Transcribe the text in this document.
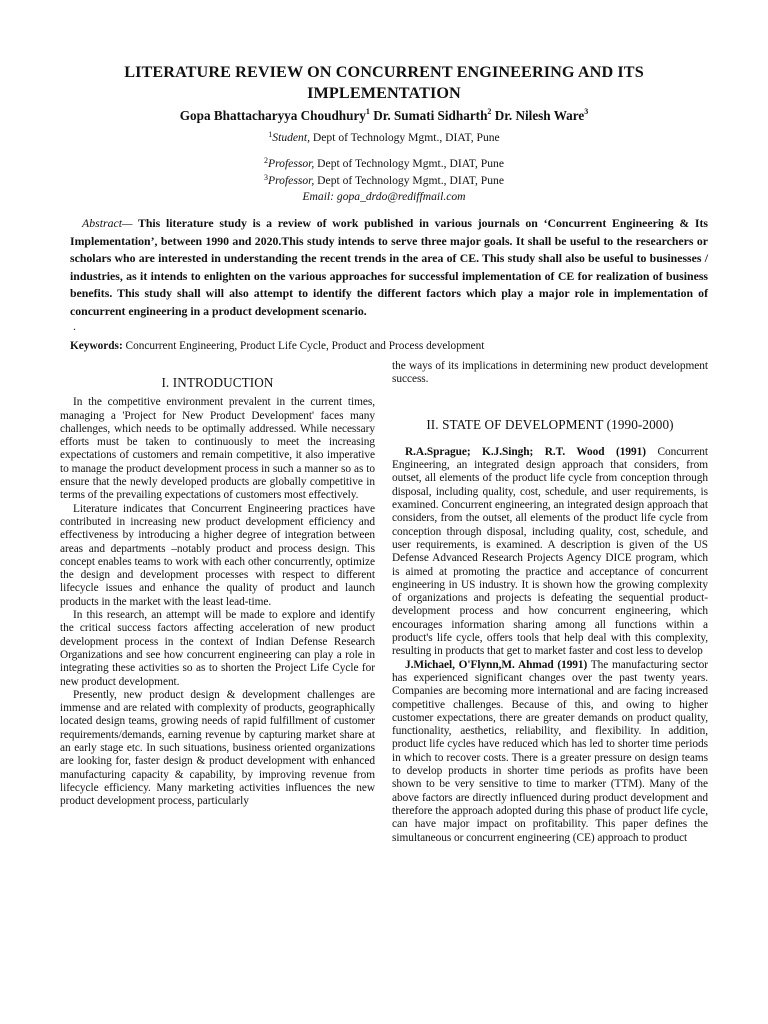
LITERATURE REVIEW ON CONCURRENT ENGINEERING AND ITS
IMPLEMENTATION
Gopa Bhattacharyya Choudhury$^1$ Dr. Sumati Sidharth$^2$ Dr. Nilesh Ware$^3$
$^1$Student, Dept of Technology Mgmt., DIAT, Pune
$^2$Professor, Dept of Technology Mgmt., DIAT, Pune
$^3$Professor, Dept of Technology Mgmt., DIAT, Pune
Email: gopa_drdo@rediffmail.com
Abstract— This literature study is a review of work published in various journals on ‘Concurrent Engineering & Its Implementation’, between 1990 and 2020.This study intends to serve three major goals. It shall be useful to the researchers or scholars who are interested in understanding the recent trends in the area of CE. This study shall also be useful to businesses / industries, as it intends to enlighten on the various approaches for successful implementation of CE for realization of business benefits. This study shall will also attempt to identify the different factors which play a major role in implementation of concurrent engineering in a product development scenario.
.
Keywords: Concurrent Engineering, Product Life Cycle, Product and Process development
I. INTRODUCTION

In the competitive environment prevalent in the current times, managing a 'Project for New Product Development' faces many challenges, which needs to be optimally addressed. While necessary efforts must be taken to continuously to meet the increasing expectations of customers and remain competitive, it also imperative to manage the product development process in such a manner so as to ensure that the newly developed products are globally competitive in terms of the prevailing expectations of customers most effectively.

Literature indicates that Concurrent Engineering practices have contributed in increasing new product development efficiency and effectiveness by introducing a higher degree of integration between areas and departments –notably product and process design. This concept enables teams to work with each other concurrently, optimize the design and development processes with respect to different lifecycle issues and enhance the quality of product and launch products in the market with the least lead-time.

In this research, an attempt will be made to explore and identify the critical success factors affecting acceleration of new product development process in the context of Indian Defense Research Organizations and see how concurrent engineering can play a role in integrating these activities so as to shorten the Project Life Cycle for new product development.

Presently, new product design & development challenges are immense and are related with complexity of products, geographically located design teams, growing needs of rapid fulfillment of customer requirements/demands, earning revenue by capturing market share at an early stage etc. In such situations, business oriented organizations are looking for, faster design & product development with enhanced manufacturing capacity & capability, by improving revenue from lifecycle efficiency. Many marketing activities influences the new product development process, particularly

the ways of its implications in determining new product development success.

II. STATE OF DEVELOPMENT (1990-2000)

R.A.Sprague; K.J.Singh; R.T. Wood (1991) Concurrent Engineering, an integrated design approach that considers, from outset, all elements of the product life cycle from conception through disposal, including quality, cost, schedule, and user requirements, is examined. Concurrent engineering, an integrated design approach that considers, from the outset, all elements of the product life cycle from conception through disposal, including quality, cost, schedule, and user requirements, is examined. A description is given of the US Defense Advanced Research Projects Agency DICE program, which is aimed at promoting the practice and acceptance of concurrent engineering in US industry. It is shown how the growing complexity of organizations and projects is defeating the sequential product-development process and how concurrent engineering, which encourages information sharing among all functions within a product's life cycle, offers tools that help deal with this complexity, resulting in products that get to market faster and cost less to develop

J.Michael, O'Flynn,M. Ahmad (1991) The manufacturing sector has experienced significant changes over the past twenty years. Companies are becoming more international and are facing increased competitive challenges. Because of this, and owing to higher customer expectations, there are greater demands on product quality, functionality, aesthetics, reliability, and flexibility. In addition, product life cycles have reduced which has led to shorter time periods in which to recover costs. There is a greater pressure on design teams to develop products in shorter time periods as profits have been shown to be very sensitive to time to marker (TTM). Many of the above factors are directly influenced during product development and therefore the approach adopted during this phase of product life cycle, can have major impact on profitability. This paper defines the simultaneous or concurrent engineering (CE) approach to product
